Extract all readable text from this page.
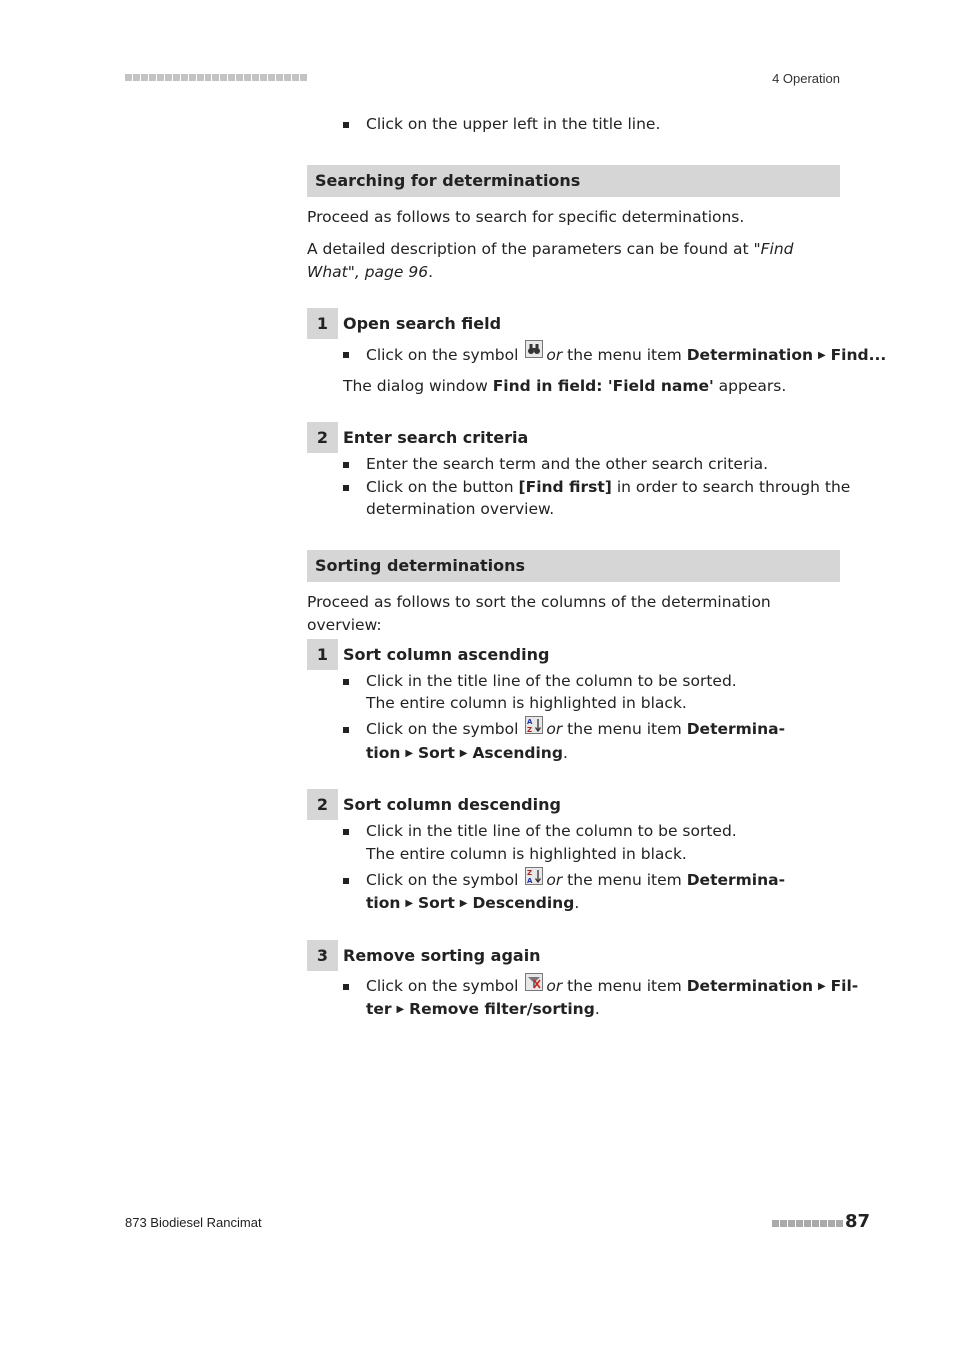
4 Operation
Click on the upper left in the title line.
Searching for determinations
Proceed as follows to search for specific determinations.
A detailed description of the parameters can be found at "Find What", page 96.
1 Open search field
Click on the symbol or the menu item Determination ▶ Find...
The dialog window Find in field: 'Field name' appears.
2 Enter search criteria
Enter the search term and the other search criteria.
Click on the button [Find first] in order to search through the
determination overview.
Sorting determinations
Proceed as follows to sort the columns of the determination overview:
1 Sort column ascending
Click in the title line of the column to be sorted.
The entire column is highlighted in black.
Click on the symbol A
Z or the menu item Determina-
tion ▶ Sort ▶ Ascending.
2 Sort column descending
Click in the title line of the column to be sorted.
The entire column is highlighted in black.
Click on the symbol Z
A or the menu item Determina-
tion ▶ Sort ▶ Descending.
3 Remove sorting again
Click on the symbol or the menu item Determination ▶ Fil-
ter ▶ Remove filter/sorting.
873 Biodiesel Rancimat	87
